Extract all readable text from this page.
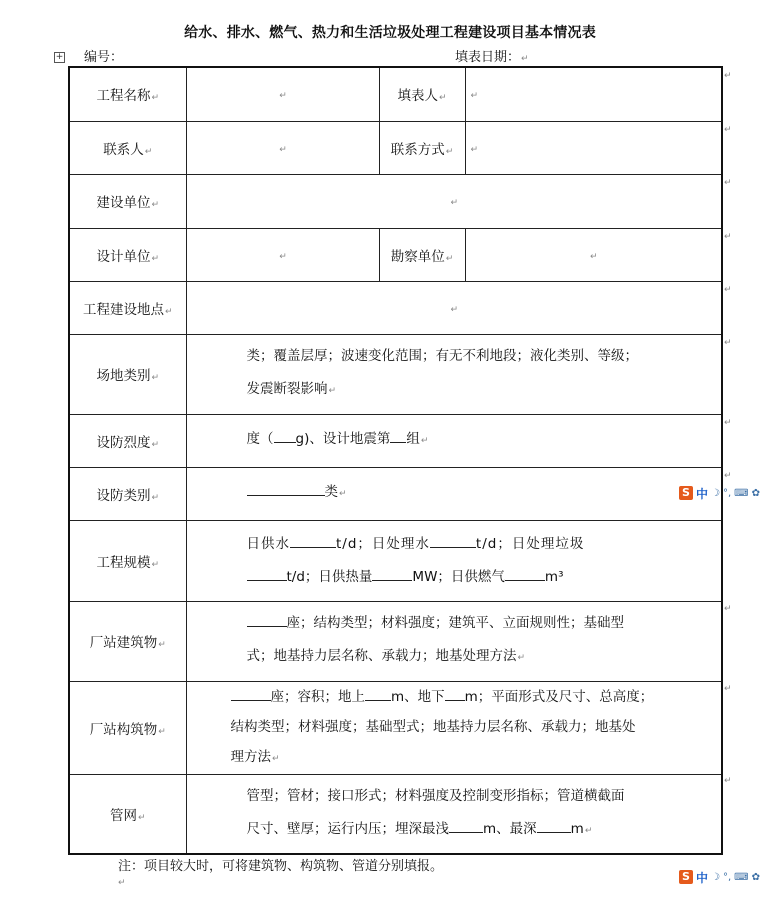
给水、排水、燃气、热力和生活垃圾处理工程建设项目基本情况表
编号：	填表日期：↵
+
工程名称↵	↵	填表人↵	↵
联系人↵	↵	联系方式↵	↵
建设单位↵	↵		
设计单位↵	↵	勘察单位↵	↵
工程建设地点↵	↵		
场地类别↵	类；覆盖层厚；波速变化范围；有无不利地段；液化类别、等级；
发震断裂影响↵		

设防烈度↵	度（ g)、设计地震第 组↵		
设防类别↵	类↵		
工程规模↵	日供水 t/d；日处理水 t/d；日处理垃圾
t/d；日供热量 MW；日供燃气 m³		

厂站建筑物↵	座；结构类型；材料强度；建筑平、立面规则性；基础型
式；地基持力层名称、承载力；地基处理方法↵		

厂站构筑物↵	座；容积；地上 m、地下 m；平面形式及尺寸、总高度；
结构类型；材料强度；基础型式；地基持力层名称、承载力；地基处
理方法↵		

管网↵	管型；管材；接口形式；材料强度及控制变形指标；管道横截面
尺寸、壁厚；运行内压；埋深最浅 m、最深 m↵		
↵
↵
↵
↵
↵
↵
↵
↵
↵
↵
↵
S 中 ☽ °, ⌨ ✿
S 中 ☽ °, ⌨ ✿
注：项目较大时，可将建筑物、构筑物、管道分别填报。
↵
